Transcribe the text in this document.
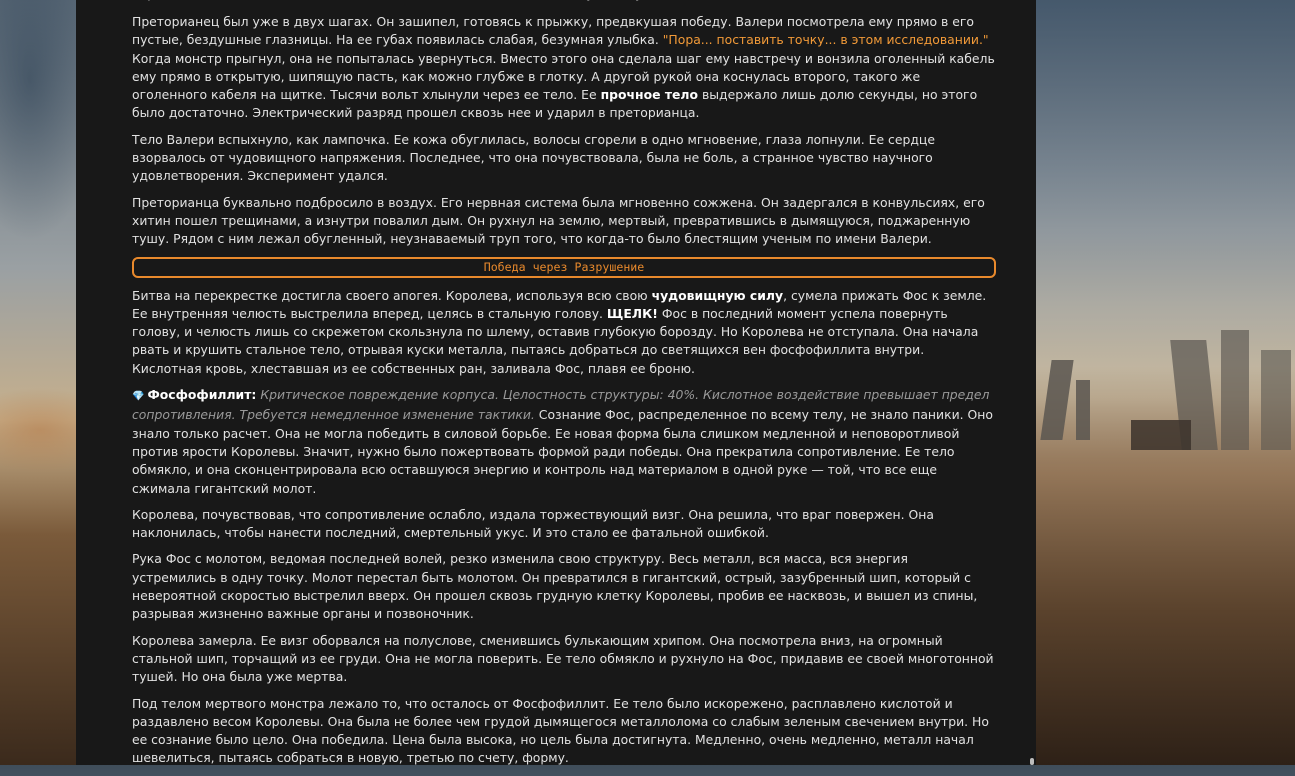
Преторианец был уже в двух шагах. Он зашипел, готовясь к прыжку, предвкушая победу. Валери посмотрела ему прямо в его пустые, бездушные глазницы. На ее губах появилась слабая, безумная улыбка. "Пора... поставить точку... в этом исследовании." Когда монстр прыгнул, она не попыталась увернуться. Вместо этого она сделала шаг ему навстречу и вонзила оголенный кабель ему прямо в открытую, шипящую пасть, как можно глубже в глотку. А другой рукой она коснулась второго, такого же оголенного кабеля на щитке. Тысячи вольт хлынули через ее тело. Ее прочное тело выдержало лишь долю секунды, но этого было достаточно. Электрический разряд прошел сквозь нее и ударил в преторианца.

Тело Валери вспыхнуло, как лампочка. Ее кожа обуглилась, волосы сгорели в одно мгновение, глаза лопнули. Ее сердце взорвалось от чудовищного напряжения. Последнее, что она почувствовала, была не боль, а странное чувство научного удовлетворения. Эксперимент удался.

Преторианца буквально подбросило в воздух. Его нервная система была мгновенно сожжена. Он задергался в конвульсиях, его хитин пошел трещинами, а изнутри повалил дым. Он рухнул на землю, мертвый, превратившись в дымящуюся, поджаренную тушу. Рядом с ним лежал обугленный, неузнаваемый труп того, что когда-то было блестящим ученым по имени Валери.

Победа через Разрушение

Битва на перекрестке достигла своего апогея. Королева, используя всю свою чудовищную силу, сумела прижать Фос к земле. Ее внутренняя челюсть выстрелила вперед, целясь в стальную голову. ЩЕЛК! Фос в последний момент успела повернуть голову, и челюсть лишь со скрежетом скользнула по шлему, оставив глубокую борозду. Но Королева не отступала. Она начала рвать и крушить стальное тело, отрывая куски металла, пытаясь добраться до светящихся вен фосфофиллита внутри. Кислотная кровь, хлеставшая из ее собственных ран, заливала Фос, плавя ее броню.

💎 Фосфофиллит: Критическое повреждение корпуса. Целостность структуры: 40%. Кислотное воздействие превышает предел сопротивления. Требуется немедленное изменение тактики. Сознание Фос, распределенное по всему телу, не знало паники. Оно знало только расчет. Она не могла победить в силовой борьбе. Ее новая форма была слишком медленной и неповоротливой против ярости Королевы. Значит, нужно было пожертвовать формой ради победы. Она прекратила сопротивление. Ее тело обмякло, и она сконцентрировала всю оставшуюся энергию и контроль над материалом в одной руке — той, что все еще сжимала гигантский молот.

Королева, почувствовав, что сопротивление ослабло, издала торжествующий визг. Она решила, что враг повержен. Она наклонилась, чтобы нанести последний, смертельный укус. И это стало ее фатальной ошибкой.

Рука Фос с молотом, ведомая последней волей, резко изменила свою структуру. Весь металл, вся масса, вся энергия устремились в одну точку. Молот перестал быть молотом. Он превратился в гигантский, острый, зазубренный шип, который с невероятной скоростью выстрелил вверх. Он прошел сквозь грудную клетку Королевы, пробив ее насквозь, и вышел из спины, разрывая жизненно важные органы и позвоночник.

Королева замерла. Ее визг оборвался на полуслове, сменившись булькающим хрипом. Она посмотрела вниз, на огромный стальной шип, торчащий из ее груди. Она не могла поверить. Ее тело обмякло и рухнуло на Фос, придавив ее своей многотонной тушей. Но она была уже мертва.

Под телом мертвого монстра лежало то, что осталось от Фосфофиллит. Ее тело было искорежено, расплавлено кислотой и раздавлено весом Королевы. Она была не более чем грудой дымящегося металлолома со слабым зеленым свечением внутри. Но ее сознание было цело. Она победила. Цена была высока, но цель была достигнута. Медленно, очень медленно, металл начал шевелиться, пытаясь собраться в новую, третью по счету, форму.
